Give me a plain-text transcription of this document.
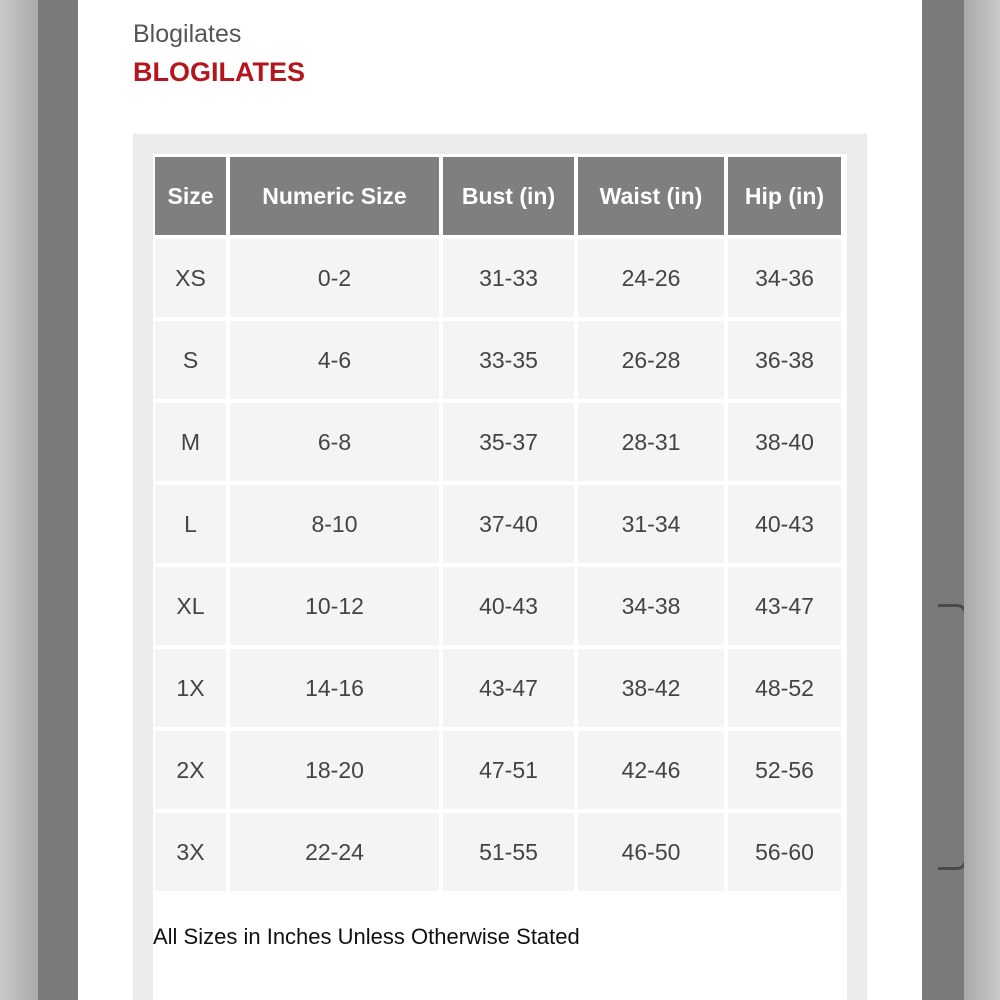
Blogilates
BLOGILATES
Size	Numeric Size	Bust (in)	Waist (in)	Hip (in)
XS	0-2	31-33	24-26	34-36
S	4-6	33-35	26-28	36-38
M	6-8	35-37	28-31	38-40
L	8-10	37-40	31-34	40-43
XL	10-12	40-43	34-38	43-47
1X	14-16	43-47	38-42	48-52
2X	18-20	47-51	42-46	52-56
3X	22-24	51-55	46-50	56-60
All Sizes in Inches Unless Otherwise Stated
